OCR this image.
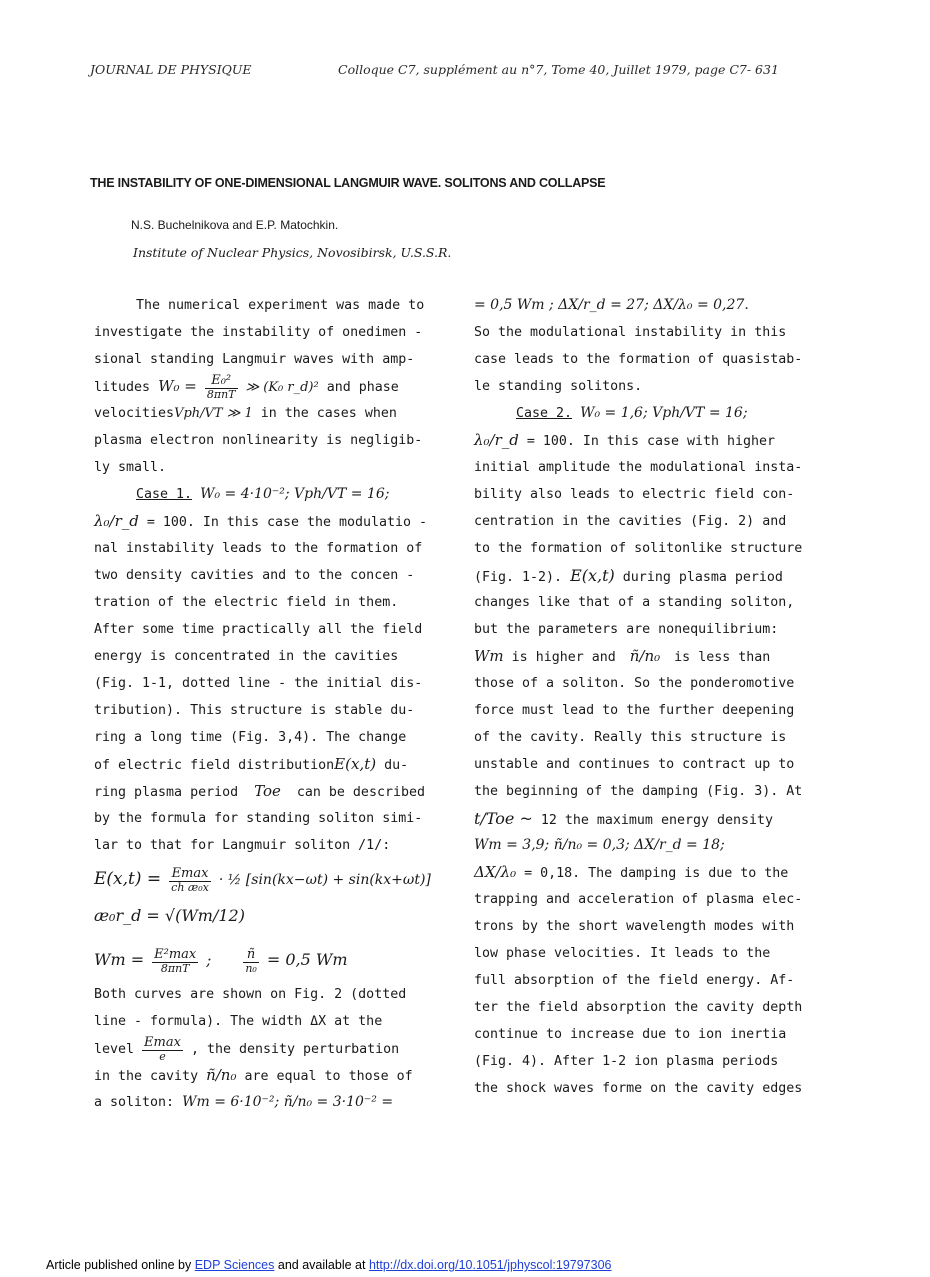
JOURNAL DE PHYSIQUE	Colloque C7, supplément au n°7, Tome 40, Juillet 1979, page C7- 631
THE INSTABILITY OF ONE-DIMENSIONAL LANGMUIR WAVE. SOLITONS AND COLLAPSE
N.S. Buchelnikova and E.P. Matochkin.
Institute of Nuclear Physics, Novosibirsk, U.S.S.R.
The numerical experiment was made to
investigate the instability of onedimen -
sional standing Langmuir waves with amp-
litudes $W_0 = \frac{\text{E₀²}}{\text{8πnT}}$ ≫ (K₀ r_d)² and phase
velocitiesVph/VT ≫ 1 in the cases when
plasma electron nonlinearity is negligib-
ly small.
Case 1. W₀ = 4·10⁻²; Vph/VT = 16;
λ₀/r_d = 100. In this case the modulatio -
nal instability leads to the formation of
two density cavities and to the concen -
tration of the electric field in them.
After some time practically all the field
energy is concentrated in the cavities
(Fig. 1-1, dotted line - the initial dis-
tribution). This structure is stable du-
ring a long time (Fig. 3,4). The change
of electric field distributionE(x,t) du-
ring plasma period Toe can be described
by the formula for standing soliton simi-
lar to that for Langmuir soliton /1/:
$E(x,t) = \frac{Emax}{\text{ch æ₀x}}$ · ½ [sin(kx−ωt) + sin(kx+ωt)]
æ₀r_d = √(Wm/12)
$Wm = \frac{\text{E²max}}{\text{8πnT}}$ ; $\frac{ñ}{\text{n₀}} = 0,5$ Wm
Both curves are shown on Fig. 2 (dotted
line - formula). The width ΔX at the
level $\frac{Emax}{e}$ , the density perturbation
in the cavity ñ/n₀ are equal to those of
a soliton: Wm = 6·10⁻²; ñ/n₀ = 3·10⁻² =
= 0,5 Wm ; ΔX/r_d = 27; ΔX/λ₀ = 0,27.
So the modulational instability in this
case leads to the formation of quasistab-
le standing solitons.
Case 2. W₀ = 1,6; Vph/VT = 16;
λ₀/r_d = 100. In this case with higher
initial amplitude the modulational insta-
bility also leads to electric field con-
centration in the cavities (Fig. 2) and
to the formation of solitonlike structure
(Fig. 1-2). E(x,t) during plasma period
changes like that of a standing soliton,
but the parameters are nonequilibrium:
Wm is higher and ñ/n₀ is less than
those of a soliton. So the ponderomotive
force must lead to the further deepening
of the cavity. Really this structure is
unstable and continues to contract up to
the beginning of the damping (Fig. 3). At
t/Toe ~ 12 the maximum energy density
Wm = 3,9; ñ/n₀ = 0,3; ΔX/r_d = 18;
ΔX/λ₀ = 0,18. The damping is due to the
trapping and acceleration of plasma elec-
trons by the short wavelength modes with
low phase velocities. It leads to the
full absorption of the field energy. Af-
ter the field absorption the cavity depth
continue to increase due to ion inertia
(Fig. 4). After 1-2 ion plasma periods
the shock waves forme on the cavity edges
Article published online by EDP Sciences and available at http://dx.doi.org/10.1051/jphyscol:19797306
